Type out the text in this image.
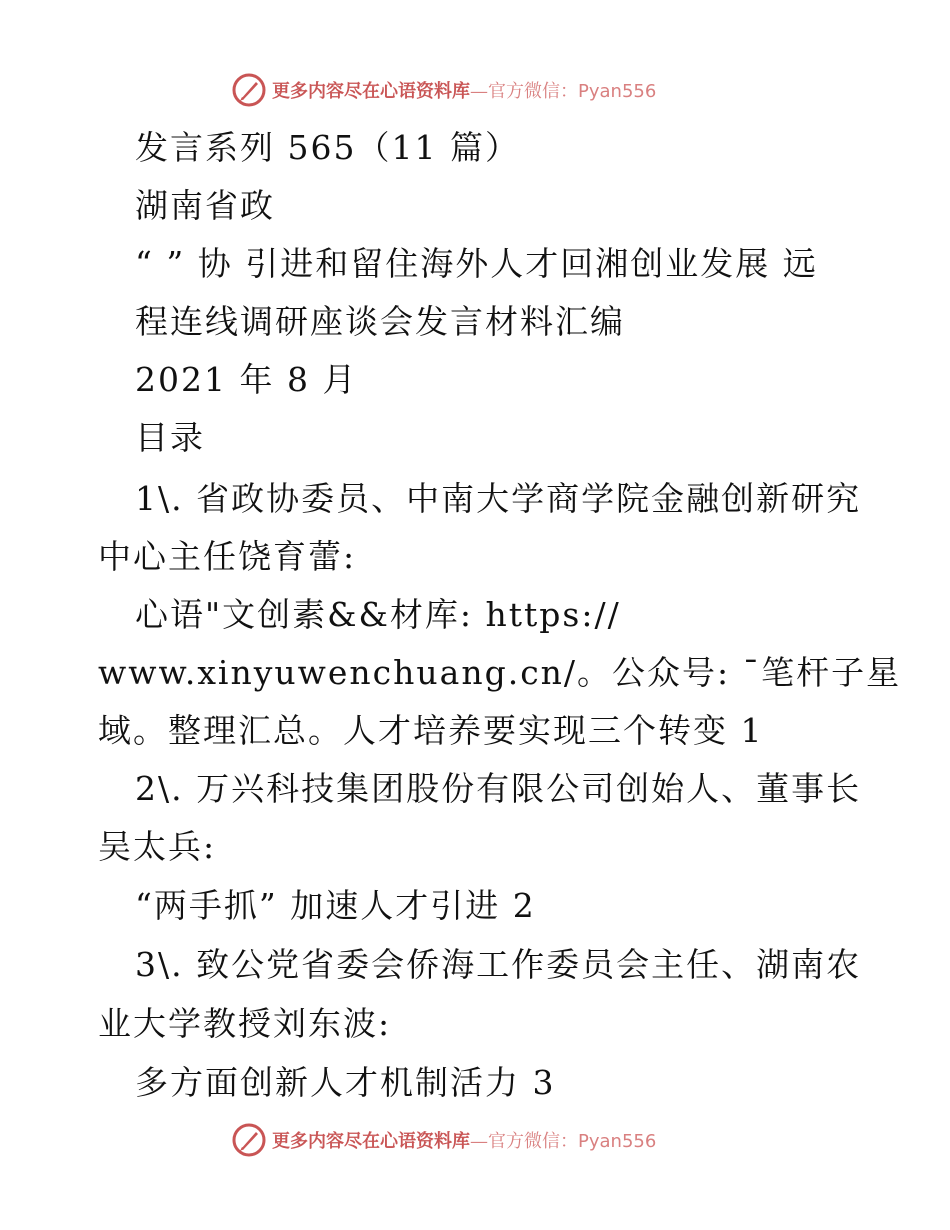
更多内容尽在心语资料库—官方微信：Pyan556
发言系列 565（11 篇）
湖南省政
“ ” 协 引进和留住海外人才回湘创业发展 远
程连线调研座谈会发言材料汇编
2021 年 8 月
目录
1\. 省政协委员、中南大学商学院金融创新研究
中心主任饶育蕾:
心语"文创素&&材库: https://
www.xinyuwenchuang.cn/。公众号: ¯笔杆子星
域。整理汇总。人才培养要实现三个转变 1
2\. 万兴科技集团股份有限公司创始人、董事长
吴太兵:
“两手抓” 加速人才引进 2
3\. 致公党省委会侨海工作委员会主任、湖南农
业大学教授刘东波:
多方面创新人才机制活力 3
更多内容尽在心语资料库—官方微信：Pyan556
